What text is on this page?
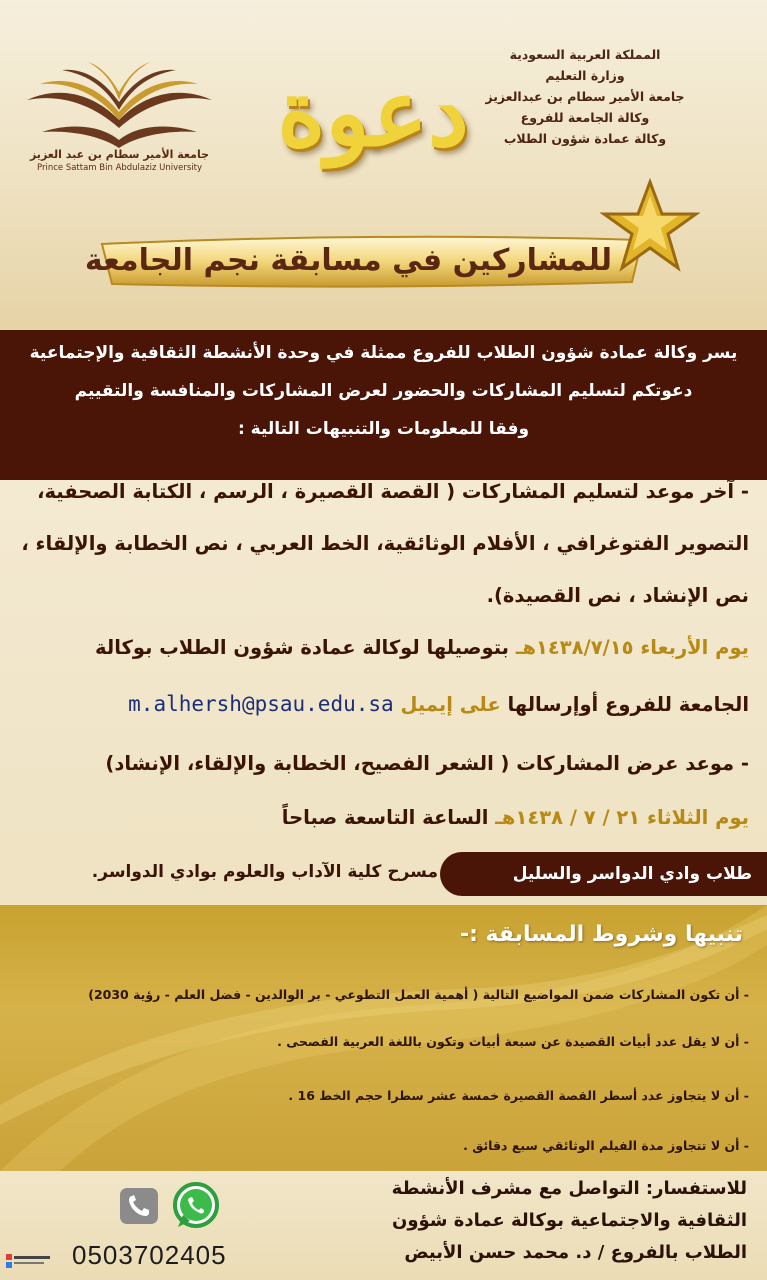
جامعة الأمير سطام بن عبد العزيز
Prince Sattam Bin Abdulaziz University
دعوة
المملكة العربية السعودية
وزارة التعليم
جامعة الأمير سطام بن عبدالعزيز
وكالة الجامعة للفروع
وكالة عمادة شؤون الطلاب
للمشاركين في مسابقة نجم الجامعة
يسر وكالة عمادة شؤون الطلاب للفروع ممثلة في وحدة الأنشطة الثقافية والإجتماعية
دعوتكم لتسليم المشاركات والحضور لعرض المشاركات والمنافسة والتقييم
وفقا للمعلومات والتنبيهات التالية :
- آخر موعد لتسليم المشاركات ( القصة القصيرة ، الرسم ، الكتابة الصحفية،
التصوير الفتوغرافي ، الأفلام الوثائقية، الخط العربي ، نص الخطابة والإلقاء ،
نص الإنشاد ، نص القصيدة).
يوم الأربعاء ١٤٣٨/٧/١٥هـ بتوصيلها لوكالة عمادة شؤون الطلاب بوكالة
الجامعة للفروع أوإرسالها على إيميل m.alhersh@psau.edu.sa
- موعد عرض المشاركات ( الشعر الفصيح، الخطابة والإلقاء، الإنشاد)
يوم الثلاثاء ٢١ / ٧ / ١٤٣٨هـ الساعة التاسعة صباحاً
طلاب وادي الدواسر والسليل
مسرح كلية الآداب والعلوم بوادي الدواسر.
تنبيها وشروط المسابقة :-
- أن تكون المشاركات ضمن المواضيع التالية ( أهمية العمل التطوعي - بر الوالدين - فضل العلم - رؤية 2030)
- أن لا يقل عدد أبيات القصيدة عن سبعة أبيات وتكون باللغة العربية الفصحى .
- أن لا يتجاوز عدد أسطر القصة القصيرة خمسة عشر سطرا حجم الخط 16 .
- أن لا تتجاوز مدة الفيلم الوثائقي سبع دقائق .
للاستفسار: التواصل مع مشرف الأنشطة
الثقافية والاجتماعية بوكالة عمادة شؤون
الطلاب بالفروع / د. محمد حسن الأبيض
0503702405
